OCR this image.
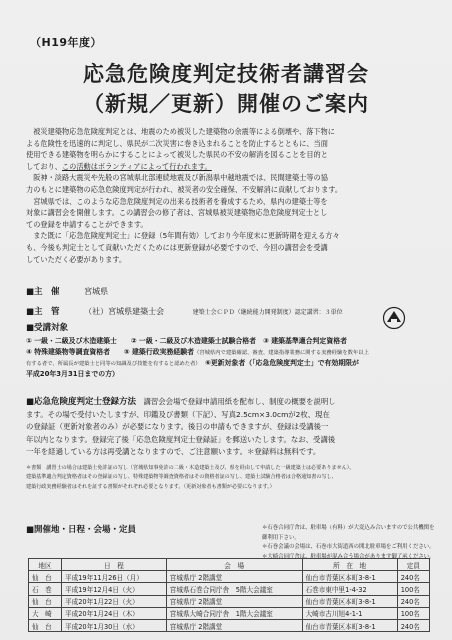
（H19年度）
応急危険度判定技術者講習会
（新規／更新）開催のご案内
　被災建築物応急危険度判定とは、地震のため被災した建築物の余震等による倒壊や、落下物に
よる危険性を迅速的に判定し、県民が二次災害に巻き込まれることを防止するとともに、当面
使用できる建築物を明らかにすることによって被災した県民の不安の解消を図ることを目的と
しており、この活動はボランティアによって行われます。
　阪神・淡路大震災や先般の宮城県北部連続地震及び新潟県中越地震では、民間建築士等の協
力のもとに建築物の応急危険度判定が行われ、被災者の安全確保、不安解消に貢献しております。
　宮城県では、このような応急危険度判定の出来る技術者を養成するため、県内の建築士等を
対象に講習会を開催します。この講習会の修了者は、宮城県被災建築物応急危険度判定士とし
ての登録を申請することができます。
　また既に「応急危険度判定士」に登録（5年間有効）しており今年度末に更新時期を迎える方々
も、今後も判定士として貢献いただくためには更新登録が必要ですので、今回の講習会を受講
していただく必要があります。
■主　催	宮城県
■主　管	（社）宮城県建築士会	建築士会ＣＰＤ（継続能力開発制度）認定講習：３単位
■受講対象
① 一級・二級及び木造建築士　　② 一級・二級及び木造建築士試験合格者　③ 建築基準適合判定資格者
④ 特殊建築物等調査資格者　　⑤ 建築行政実務経験者（宮城県内で建築確認、審査、建築指導業務に関する実務経験を数年以上
有する者で、所属長が建築士と同等の知識及び技能を有すると認めた者）　 ⑥更新対象者（「応急危険度判定士」で有効期限が
平成20年3月31日までの方）
■応急危険度判定士登録方法　 講習会会場で登録申請用紙を配布し、制度の概要を説明し
ます。その場で受付いたしますが、印鑑及び書類（下記）、写真2.5cm×3.0cmが2枚、現在
の登録証（更新対象者のみ）が必要になります。後日の申請もできますが、登録は受講後一
年以内となります。登録完了後「応急危険度判定士登録証」を郵送いたします。なお、受講後
一年を経過している方は再受講となりますので、ご注意願います。＊登録料は無料です。
＊書類　講習士の場合は建築士免許証の写し（宮城県知事免許の二級・木造建築士及び、県を経由して申請した一級建築士は必要ありません）、
建築基準適合判定資格者はその登録証の写し、特殊建築物等調査資格者はその資格者証の写し、建築士試験合格者は合格通知書の写し、
建築行政実務経験者はそれを証する書類がそれぞれ必要となります。（更新対象者も書類が必要になります。）
■開催地・日程・会場・定員	＊石巻合同庁舎は、駐車場（有料）が大変込み合いますので公共機関を御利用下さい。
＊石巻会議の会場は、石巻市大街道西の開北駐車場をご利用ください。
＊大崎合同庁舎は、駐車場が混み合う場合があります御了承ください。
地区	日　程	会　場	所　在　地	定員
仙　台	平成19年11月26日（月）	宮城県庁 2階講堂	仙台市青葉区本町3-8-1	240名
石　巻	平成19年12月4日（火）	宮城県石巻合同庁舎　5階大会議室	石巻市東中里1-4-32	100名
仙　台	平成20年1月22日（火）	宮城県庁 2階講堂	仙台市青葉区本町3-8-1	240名
大　崎	平成20年1月24日（木）	宮城県大崎合同庁舎　1階大会議室	大崎市古川旭4-1-1	100名
仙　台	平成20年1月30日（水）	宮城県庁 2階講堂	仙台市青葉区本町3-8-1	240名
